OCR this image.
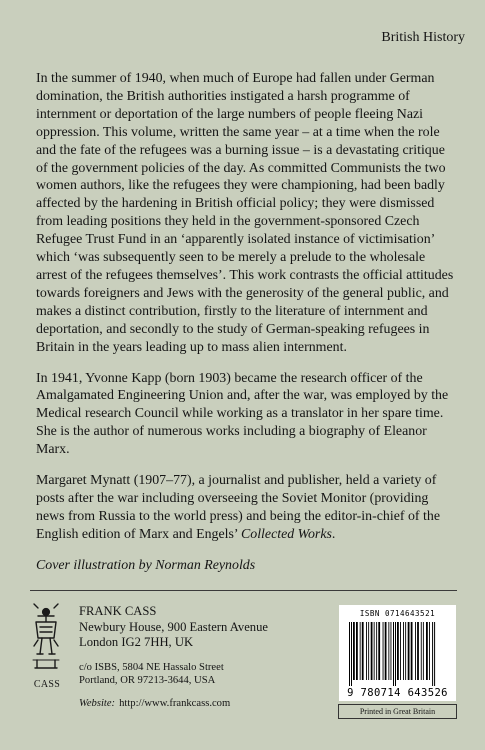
British History

In the summer of 1940, when much of Europe had fallen under German domination, the British authorities instigated a harsh programme of internment or deportation of the large numbers of people fleeing Nazi oppression. This volume, written the same year – at a time when the role and the fate of the refugees was a burning issue – is a devastating critique of the government policies of the day. As committed Communists the two women authors, like the refugees they were championing, had been badly affected by the hardening in British official policy; they were dismissed from leading positions they held in the government-sponsored Czech Refugee Trust Fund in an ‘apparently isolated instance of victimisation’ which ‘was subsequently seen to be merely a prelude to the wholesale arrest of the refugees themselves’. This work contrasts the official attitudes towards foreigners and Jews with the generosity of the general public, and makes a distinct contribution, firstly to the literature of internment and deportation, and secondly to the study of German-speaking refugees in Britain in the years leading up to mass alien internment.

In 1941, Yvonne Kapp (born 1903) became the research officer of the Amalgamated Engineering Union and, after the war, was employed by the Medical research Council while working as a translator in her spare time. She is the author of numerous works including a biography of Eleanor Marx.

Margaret Mynatt (1907–77), a journalist and publisher, held a variety of posts after the war including overseeing the Soviet Monitor (providing news from Russia to the world press) and being the editor-in-chief of the English edition of Marx and Engels’ Collected Works.

Cover illustration by Norman Reynolds

CASS
FRANK CASS
Newbury House, 900 Eastern Avenue
London IG2 7HH, UK
c/o ISBS, 5804 NE Hassalo Street
Portland, OR 97213-3644, USA
Website: http://www.frankcass.com
ISBN 0714643521
9 780714 643526
Printed in Great Britain
